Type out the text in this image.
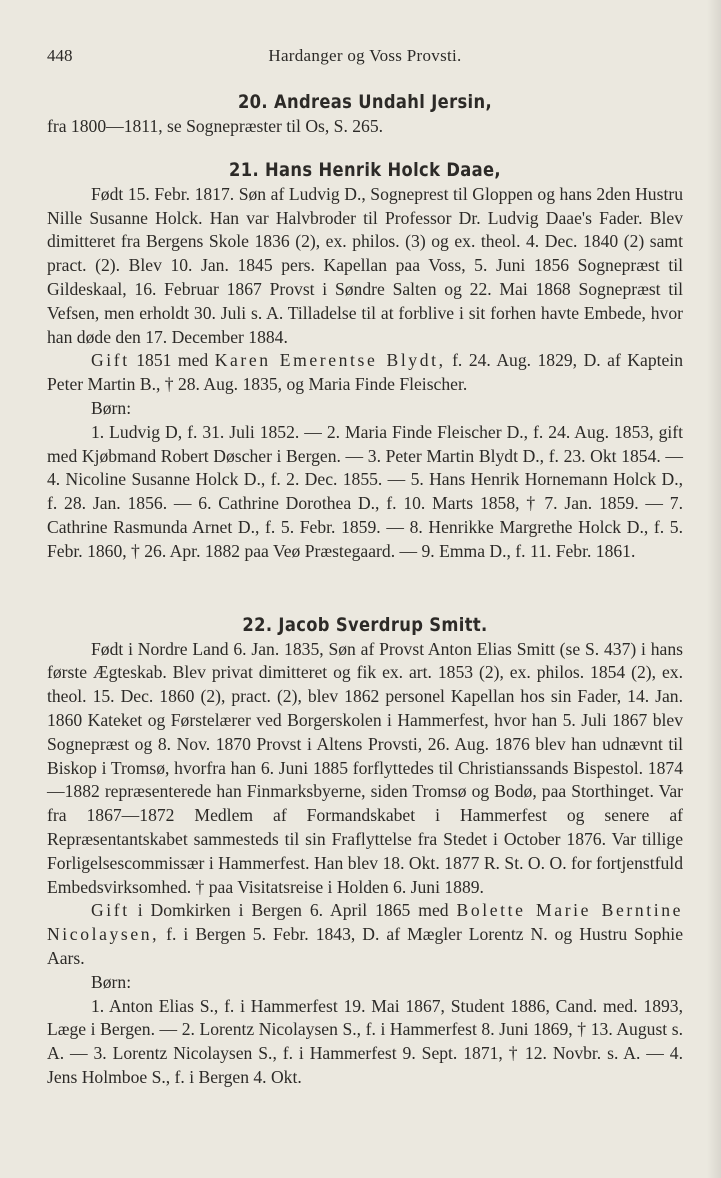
448	Hardanger og Voss Provsti.
20. Andreas Undahl Jersin,

fra 1800—1811, se Sognepræster til Os, S. 265.

21. Hans Henrik Holck Daae,

Født 15. Febr. 1817. Søn af Ludvig D., Sogneprest til Gloppen og hans 2den Hustru Nille Susanne Holck. Han var Halvbroder til Professor Dr. Ludvig Daae's Fader. Blev dimitteret fra Bergens Skole 1836 (2), ex. philos. (3) og ex. theol. 4. Dec. 1840 (2) samt pract. (2). Blev 10. Jan. 1845 pers. Kapellan paa Voss, 5. Juni 1856 Sognepræst til Gildeskaal, 16. Februar 1867 Provst i Søndre Salten og 22. Mai 1868 Sognepræst til Vefsen, men erholdt 30. Juli s. A. Tilladelse til at forblive i sit forhen havte Embede, hvor han døde den 17. December 1884.

Gift 1851 med Karen Emerentse Blydt, f. 24. Aug. 1829, D. af Kaptein Peter Martin B., † 28. Aug. 1835, og Maria Finde Fleischer.

Børn:

1. Ludvig D, f. 31. Juli 1852. — 2. Maria Finde Fleischer D., f. 24. Aug. 1853, gift med Kjøbmand Robert Døscher i Bergen. — 3. Peter Martin Blydt D., f. 23. Okt 1854. — 4. Nicoline Susanne Holck D., f. 2. Dec. 1855. — 5. Hans Henrik Hornemann Holck D., f. 28. Jan. 1856. — 6. Cathrine Dorothea D., f. 10. Marts 1858, † 7. Jan. 1859. — 7. Cathrine Rasmunda Arnet D., f. 5. Febr. 1859. — 8. Henrikke Margrethe Holck D., f. 5. Febr. 1860, † 26. Apr. 1882 paa Veø Præstegaard. — 9. Emma D., f. 11. Febr. 1861.

22. Jacob Sverdrup Smitt.

Født i Nordre Land 6. Jan. 1835, Søn af Provst Anton Elias Smitt (se S. 437) i hans første Ægteskab. Blev privat dimitteret og fik ex. art. 1853 (2), ex. philos. 1854 (2), ex. theol. 15. Dec. 1860 (2), pract. (2), blev 1862 personel Kapellan hos sin Fader, 14. Jan. 1860 Kateket og Førstelærer ved Borgerskolen i Hammerfest, hvor han 5. Juli 1867 blev Sognepræst og 8. Nov. 1870 Provst i Altens Provsti, 26. Aug. 1876 blev han udnævnt til Biskop i Tromsø, hvorfra han 6. Juni 1885 forflyttedes til Christianssands Bispestol. 1874—1882 repræsenterede han Finmarksbyerne, siden Tromsø og Bodø, paa Storthinget. Var fra 1867—1872 Medlem af Formandskabet i Hammerfest og senere af Repræsentantskabet sammesteds til sin Fraflyttelse fra Stedet i October 1876. Var tillige Forligelsescommissær i Hammerfest. Han blev 18. Okt. 1877 R. St. O. O. for fortjenstfuld Embedsvirksomhed. † paa Visitatsreise i Holden 6. Juni 1889.

Gift i Domkirken i Bergen 6. April 1865 med Bolette Marie Berntine Nicolaysen, f. i Bergen 5. Febr. 1843, D. af Mægler Lorentz N. og Hustru Sophie Aars.

Børn:

1. Anton Elias S., f. i Hammerfest 19. Mai 1867, Student 1886, Cand. med. 1893, Læge i Bergen. — 2. Lorentz Nicolaysen S., f. i Hammerfest 8. Juni 1869, † 13. August s. A. — 3. Lorentz Nicolaysen S., f. i Hammerfest 9. Sept. 1871, † 12. Novbr. s. A. — 4. Jens Holmboe S., f. i Bergen 4. Okt.
